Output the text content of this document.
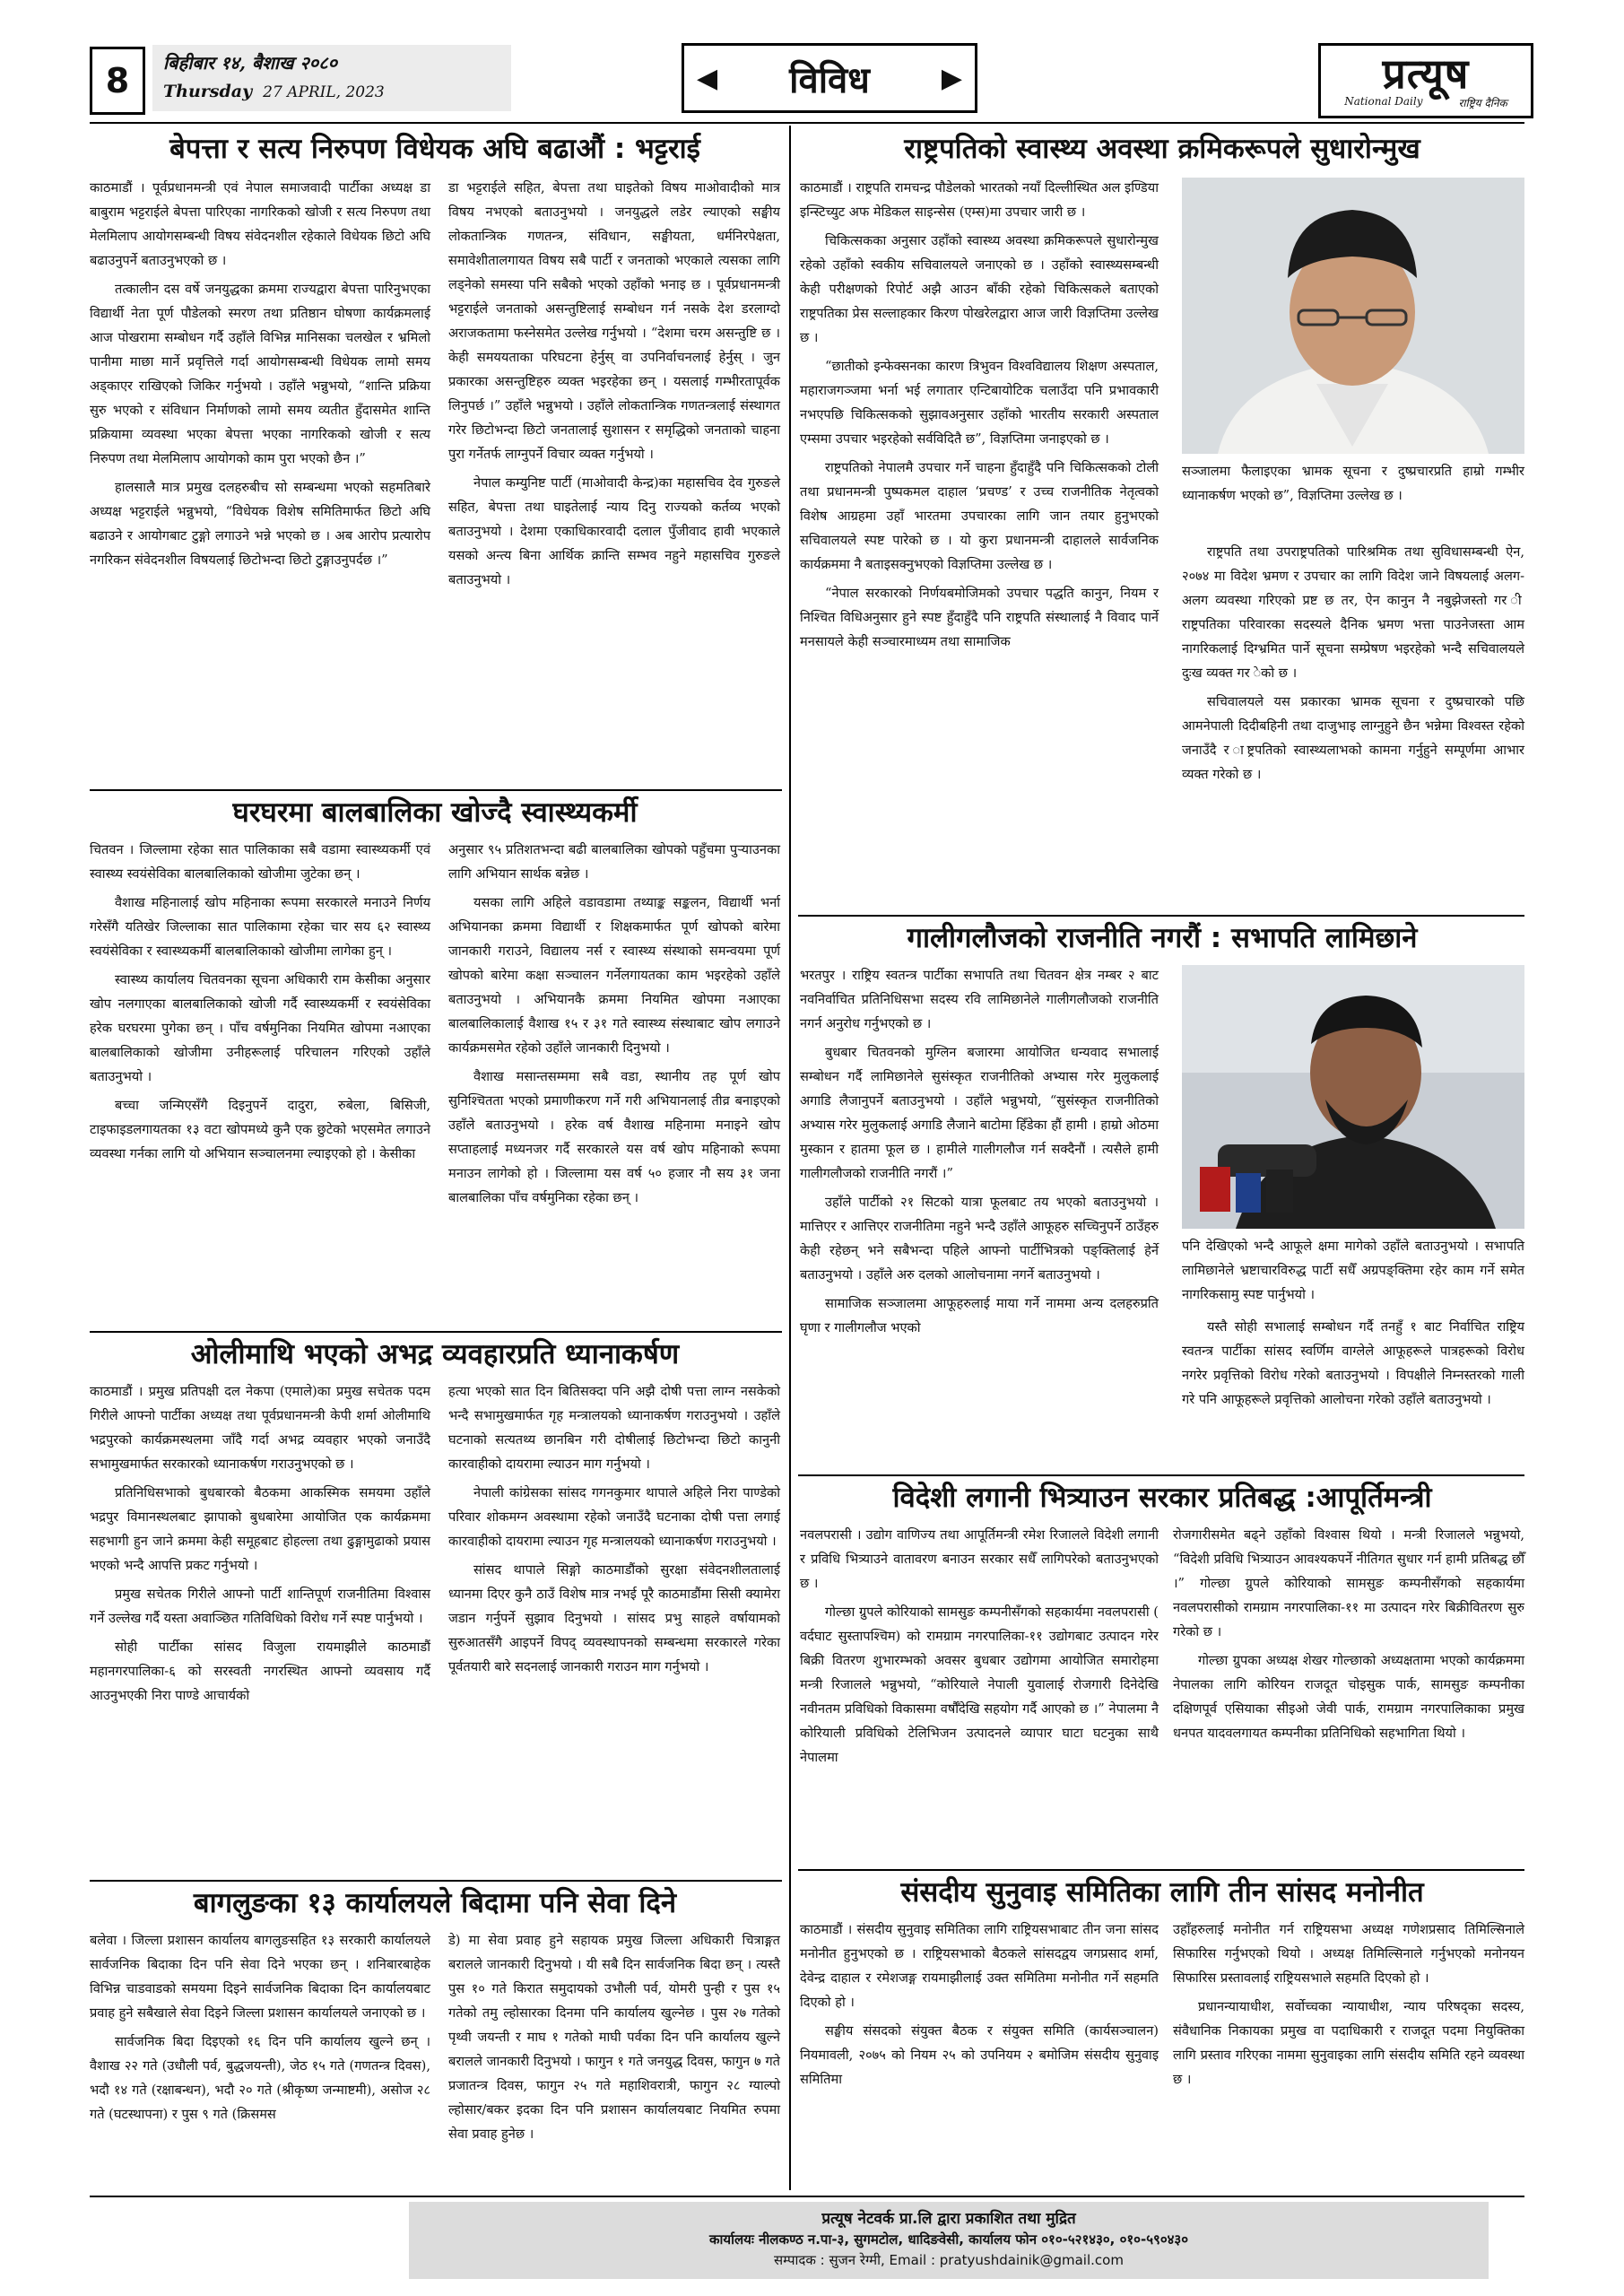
8	बिहीबार १४, बैशाख २०८०
Thursday 27 APRIL, 2023	◀ विविध	▶	प्रत्यूष
National Daily	राष्ट्रिय दैनिक
बेपत्ता र सत्य निरुपण विधेयक अघि बढाऔं : भट्टराई

काठमाडौं । पूर्वप्रधानमन्त्री एवं नेपाल समाजवादी पार्टीका अध्यक्ष डा बाबुराम भट्टराईले बेपत्ता पारिएका नागरिकको खोजी र सत्य निरुपण तथा मेलमिलाप आयोगसम्बन्धी विषय संवेदनशील रहेकाले विधेयक छिटो अघि बढाउनुपर्ने बताउनुभएको छ ।

तत्कालीन दस वर्षे जनयुद्धका क्रममा राज्यद्वारा बेपत्ता पारिनुभएका विद्यार्थी नेता पूर्ण पौडेलको स्मरण तथा प्रतिष्ठान घोषणा कार्यक्रमलाई आज पोखरामा सम्बोधन गर्दै उहाँले विभिन्न मानिसका चलखेल र भ्रमिलो पानीमा माछा मार्ने प्रवृत्तिले गर्दा आयोगसम्बन्धी विधेयक लामो समय अड्काएर राखिएको जिकिर गर्नुभयो । उहाँले भन्नुभयो, “शान्ति प्रक्रिया सुरु भएको र संविधान निर्माणको लामो समय व्यतीत हुँदासमेत शान्ति प्रक्रियामा व्यवस्था भएका बेपत्ता भएका नागरिकको खोजी र सत्य निरुपण तथा मेलमिलाप आयोगको काम पुरा भएको छैन ।”

हालसालै मात्र प्रमुख दलहरुबीच सो सम्बन्धमा भएको सहमतिबारे अध्यक्ष भट्टराईले भन्नुभयो, “विधेयक विशेष समितिमार्फत छिटो अघि बढाउने र आयोगबाट टुङ्गो लगाउने भन्ने भएको छ । अब आरोप प्रत्यारोप नगरिकन संवेदनशील विषयलाई छिटोभन्दा छिटो टुङ्गाउनुपर्दछ ।”

डा भट्टराईले सहित, बेपत्ता तथा घाइतेको विषय माओवादीको मात्र विषय नभएको बताउनुभयो । जनयुद्धले लडेर ल्याएको सङ्घीय लोकतान्त्रिक गणतन्त्र, संविधान, सङ्घीयता, धर्मनिरपेक्षता, समावेशीतालगायत विषय सबै पार्टी र जनताको भएकाले त्यसका लागि लड्नेको समस्या पनि सबैको भएको उहाँको भनाइ छ । पूर्वप्रधानमन्त्री भट्टराईले जनताको असन्तुष्टिलाई सम्बोधन गर्न नसके देश डरलाग्दो अराजकतामा फस्नेसमेत उल्लेख गर्नुभयो । “देशमा चरम असन्तुष्टि छ । केही समययताका परिघटना हेर्नुस् वा उपनिर्वाचनलाई हेर्नुस् । जुन प्रकारका असन्तुष्टिहरु व्यक्त भइरहेका छन् । यसलाई गम्भीरतापूर्वक लिनुपर्छ ।” उहाँले भन्नुभयो । उहाँले लोकतान्त्रिक गणतन्त्रलाई संस्थागत गरेर छिटोभन्दा छिटो जनतालाई सुशासन र समृद्धिको जनताको चाहना पुरा गर्नेतर्फ लाग्नुपर्ने विचार व्यक्त गर्नुभयो ।

नेपाल कम्युनिष्ट पार्टी (माओवादी केन्द्र)का महासचिव देव गुरुङले सहित, बेपत्ता तथा घाइतेलाई न्याय दिनु राज्यको कर्तव्य भएको बताउनुभयो । देशमा एकाधिकारवादी दलाल पुँजीवाद हावी भएकाले यसको अन्त्य बिना आर्थिक क्रान्ति सम्भव नहुने महासचिव गुरुङले बताउनुभयो ।

घरघरमा बालबालिका खोज्दै स्वास्थ्यकर्मी

चितवन । जिल्लामा रहेका सात पालिकाका सबै वडामा स्वास्थ्यकर्मी एवं स्वास्थ्य स्वयंसेविका बालबालिकाको खोजीमा जुटेका छन् ।

वैशाख महिनालाई खोप महिनाका रूपमा सरकारले मनाउने निर्णय गरेसँगै यतिखेर जिल्लाका सात पालिकामा रहेका चार सय ६२ स्वास्थ्य स्वयंसेविका र स्वास्थ्यकर्मी बालबालिकाको खोजीमा लागेका हुन् ।

स्वास्थ्य कार्यालय चितवनका सूचना अधिकारी राम केसीका अनुसार खोप नलगाएका बालबालिकाको खोजी गर्दै स्वास्थ्यकर्मी र स्वयंसेविका हरेक घरघरमा पुगेका छन् । पाँच वर्षमुनिका नियमित खोपमा नआएका बालबालिकाको खोजीमा उनीहरूलाई परिचालन गरिएको उहाँले बताउनुभयो ।

बच्चा जन्मिएसँगै दिइनुपर्ने दादुरा, रुबेला, बिसिजी, टाइफाइडलगायतका १३ वटा खोपमध्ये कुनै एक छुटेको भएसमेत लगाउने व्यवस्था गर्नका लागि यो अभियान सञ्चालनमा ल्याइएको हो । केसीका

अनुसार ९५ प्रतिशतभन्दा बढी बालबालिका खोपको पहुँचमा पुऱ्याउनका लागि अभियान सार्थक बन्नेछ ।

यसका लागि अहिले वडावडामा तथ्याङ्क सङ्कलन, विद्यार्थी भर्ना अभियानका क्रममा विद्यार्थी र शिक्षकमार्फत पूर्ण खोपको बारेमा जानकारी गराउने, विद्यालय नर्स र स्वास्थ्य संस्थाको समन्वयमा पूर्ण खोपको बारेमा कक्षा सञ्चालन गर्नेलगायतका काम भइरहेको उहाँले बताउनुभयो । अभियानकै क्रममा नियमित खोपमा नआएका बालबालिकालाई वैशाख १५ र ३१ गते स्वास्थ्य संस्थाबाट खोप लगाउने कार्यक्रमसमेत रहेको उहाँले जानकारी दिनुभयो ।

वैशाख मसान्तसम्ममा सबै वडा, स्थानीय तह पूर्ण खोप सुनिश्चितता भएको प्रमाणीकरण गर्ने गरी अभियानलाई तीव्र बनाइएको उहाँले बताउनुभयो । हरेक वर्ष वैशाख महिनामा मनाइने खोप सप्ताहलाई मध्यनजर गर्दै सरकारले यस वर्ष खोप महिनाको रूपमा मनाउन लागेको हो । जिल्लामा यस वर्ष ५० हजार नौ सय ३१ जना बालबालिका पाँच वर्षमुनिका रहेका छन् ।

ओलीमाथि भएको अभद्र व्यवहारप्रति ध्यानाकर्षण

काठमाडौं । प्रमुख प्रतिपक्षी दल नेकपा (एमाले)का प्रमुख सचेतक पदम गिरीले आफ्नो पार्टीका अध्यक्ष तथा पूर्वप्रधानमन्त्री केपी शर्मा ओलीमाथि भद्रपुरको कार्यक्रमस्थलमा जाँदै गर्दा अभद्र व्यवहार भएको जनाउँदै सभामुखमार्फत सरकारको ध्यानाकर्षण गराउनुभएको छ ।

प्रतिनिधिसभाको बुधबारको बैठकमा आकस्मिक समयमा उहाँले भद्रपुर विमानस्थलबाट झापाको बुधबारेमा आयोजित एक कार्यक्रममा सहभागी हुन जाने क्रममा केही समूहबाट होहल्ला तथा ढुङ्गामुढाको प्रयास भएको भन्दै आपत्ति प्रकट गर्नुभयो ।

प्रमुख सचेतक गिरीले आफ्नो पार्टी शान्तिपूर्ण राजनीतिमा विश्वास गर्ने उल्लेख गर्दै यस्ता अवाञ्छित गतिविधिको विरोध गर्ने स्पष्ट पार्नुभयो ।

सोही पार्टीका सांसद विजुला रायमाझीले काठमाडौं महानगरपालिका-६ को सरस्वती नगरस्थित आफ्नो व्यवसाय गर्दै आउनुभएकी निरा पाण्डे आचार्यको

हत्या भएको सात दिन बितिसक्दा पनि अझै दोषी पत्ता लाग्न नसकेको भन्दै सभामुखमार्फत गृह मन्त्रालयको ध्यानाकर्षण गराउनुभयो । उहाँले घटनाको सत्यतथ्य छानबिन गरी दोषीलाई छिटोभन्दा छिटो कानुनी कारवाहीको दायरामा ल्याउन माग गर्नुभयो ।

नेपाली कांग्रेसका सांसद गगनकुमार थापाले अहिले निरा पाण्डेको परिवार शोकमग्न अवस्थामा रहेको जनाउँदै घटनाका दोषी पत्ता लगाई कारवाहीको दायरामा ल्याउन गृह मन्त्रालयको ध्यानाकर्षण गराउनुभयो ।

सांसद थापाले सिङ्गो काठमाडौंको सुरक्षा संवेदनशीलतालाई ध्यानमा दिएर कुनै ठाउँ विशेष मात्र नभई पूरै काठमाडौंमा सिसी क्यामेरा जडान गर्नुपर्ने सुझाव दिनुभयो । सांसद प्रभु साहले वर्षायामको सुरुआतसँगै आइपर्ने विपद् व्यवस्थापनको सम्बन्धमा सरकारले गरेका पूर्वतयारी बारे सदनलाई जानकारी गराउन माग गर्नुभयो ।

बागलुङका १३ कार्यालयले बिदामा पनि सेवा दिने

बलेवा । जिल्ला प्रशासन कार्यालय बागलुङसहित १३ सरकारी कार्यालयले सार्वजनिक बिदाका दिन पनि सेवा दिने भएका छन् । शनिबारबाहेक विभिन्न चाडवाडको समयमा दिइने सार्वजनिक बिदाका दिन कार्यालयबाट प्रवाह हुने सबैखाले सेवा दिइने जिल्ला प्रशासन कार्यालयले जनाएको छ ।

सार्वजनिक बिदा दिइएको १६ दिन पनि कार्यालय खुल्ने छन् । वैशाख २२ गते (उधौली पर्व, बुद्धजयन्ती), जेठ १५ गते (गणतन्त्र दिवस), भदौ १४ गते (रक्षाबन्धन), भदौ २० गते (श्रीकृष्ण जन्माष्टमी), असोज २८ गते (घटस्थापना) र पुस ९ गते (क्रिसमस

डे) मा सेवा प्रवाह हुने सहायक प्रमुख जिल्ला अधिकारी चित्राङ्गत बरालले जानकारी दिनुभयो । यी सबै दिन सार्वजनिक बिदा छन् । त्यस्तै पुस १० गते किरात समुदायको उभौली पर्व, योमरी पुन्ही र पुस १५ गतेको तमु ल्होसारका दिनमा पनि कार्यालय खुल्नेछ । पुस २७ गतेको पृथ्वी जयन्ती र माघ १ गतेको माघी पर्वका दिन पनि कार्यालय खुल्ने बरालले जानकारी दिनुभयो । फागुन १ गते जनयुद्ध दिवस, फागुन ७ गते प्रजातन्त्र दिवस, फागुन २५ गते महाशिवरात्री, फागुन २८ ग्याल्पो ल्होसार/बकर इदका दिन पनि प्रशासन कार्यालयबाट नियमित रुपमा सेवा प्रवाह हुनेछ ।

राष्ट्रपतिको स्वास्थ्य अवस्था क्रमिकरूपले सुधारोन्मुख

काठमाडौं । राष्ट्रपति रामचन्द्र पौडेलको भारतको नयाँ दिल्लीस्थित अल इण्डिया इन्स्टिच्युट अफ मेडिकल साइन्सेस (एम्स)मा उपचार जारी छ ।

चिकित्सकका अनुसार उहाँको स्वास्थ्य अवस्था क्रमिकरूपले सुधारोन्मुख रहेको उहाँको स्वकीय सचिवालयले जनाएको छ । उहाँको स्वास्थ्यसम्बन्धी केही परीक्षणको रिपोर्ट अझै आउन बाँकी रहेको चिकित्सकले बताएको राष्ट्रपतिका प्रेस सल्लाहकार किरण पोखरेलद्वारा आज जारी विज्ञप्तिमा उल्लेख छ ।

“छातीको इन्फेक्सनका कारण त्रिभुवन विश्वविद्यालय शिक्षण अस्पताल, महाराजगञ्जमा भर्ना भई लगातार एन्टिबायोटिक चलाउँदा पनि प्रभावकारी नभएपछि चिकित्सकको सुझावअनुसार उहाँको भारतीय सरकारी अस्पताल एम्समा उपचार भइरहेको सर्वविदितै छ”, विज्ञप्तिमा जनाइएको छ ।

राष्ट्रपतिको नेपालमै उपचार गर्ने चाहना हुँदाहुँदै पनि चिकित्सकको टोली तथा प्रधानमन्त्री पुष्पकमल दाहाल ‘प्रचण्ड’ र उच्च राजनीतिक नेतृत्वको विशेष आग्रहमा उहाँ भारतमा उपचारका लागि जान तयार हुनुभएको सचिवालयले स्पष्ट पारेको छ । यो कुरा प्रधानमन्त्री दाहालले सार्वजनिक कार्यक्रममा नै बताइसक्नुभएको विज्ञप्तिमा उल्लेख छ ।

“नेपाल सरकारको निर्णयबमोजिमको उपचार पद्धति कानुन, नियम र निश्चित विधिअनुसार हुने स्पष्ट हुँदाहुँदै पनि राष्ट्रपति संस्थालाई नै विवाद पार्ने मनसायले केही सञ्चारमाध्यम तथा सामाजिक

सञ्जालमा फैलाइएका भ्रामक सूचना र दुष्प्रचारप्रति हाम्रो गम्भीर ध्यानाकर्षण भएको छ”, विज्ञप्तिमा उल्लेख छ ।

राष्ट्रपति तथा उपराष्ट्रपतिको पारिश्रमिक तथा सुविधासम्बन्धी ऐन, २०७४ मा विदेश भ्रमण र उपचार का लागि विदेश जाने विषयलाई अलग-अलग व्यवस्था गरिएको प्रष्ट छ तर, ऐन कानुन नै नबुझेजस्तो गर ी राष्ट्रपतिका परिवारका सदस्यले दैनिक भ्रमण भत्ता पाउनेजस्ता आम नागरिकलाई दिग्भ्रमित पार्ने सूचना सम्प्रेषण भइरहेको भन्दै सचिवालयले दुःख व्यक्त गर ेको छ ।

सचिवालयले यस प्रकारका भ्रामक सूचना र दुष्प्रचारको पछि आमनेपाली दिदीबहिनी तथा दाजुभाइ लाग्नुहुने छैन भन्नेमा विश्वस्त रहेको जनाउँदै र ाष्ट्रपतिको स्वास्थ्यलाभको कामना गर्नुहुने सम्पूर्णमा आभार व्यक्त गरेको छ ।

गालीगलौजको राजनीति नगरौं : सभापति लामिछाने

भरतपुर । राष्ट्रिय स्वतन्त्र पार्टीका सभापति तथा चितवन क्षेत्र नम्बर २ बाट नवनिर्वाचित प्रतिनिधिसभा सदस्य रवि लामिछानेले गालीगलौजको राजनीति नगर्न अनुरोध गर्नुभएको छ ।

बुधबार चितवनको मुग्लिन बजारमा आयोजित धन्यवाद सभालाई सम्बोधन गर्दै लामिछानेले सुसंस्कृत राजनीतिको अभ्यास गरेर मुलुकलाई अगाडि लैजानुपर्ने बताउनुभयो । उहाँले भन्नुभयो, “सुसंस्कृत राजनीतिको अभ्यास गरेर मुलुकलाई अगाडि लैजाने बाटोमा हिँडेका हौं हामी । हाम्रो ओठमा मुस्कान र हातमा फूल छ । हामीले गालीगलौज गर्न सक्दैनौं । त्यसैले हामी गालीगलौजको राजनीति नगरौं ।”

उहाँले पार्टीको २१ सिटको यात्रा फूलबाट तय भएको बताउनुभयो । मात्तिएर र आत्तिएर राजनीतिमा नहुने भन्दै उहाँले आफूहरु सच्चिनुपर्ने ठाउँहरु केही रहेछन् भने सबैभन्दा पहिले आफ्नो पार्टीभित्रको पङ्क्तिलाई हेर्ने बताउनुभयो । उहाँले अरु दलको आलोचनामा नगर्ने बताउनुभयो ।

सामाजिक सञ्जालमा आफूहरुलाई माया गर्ने नाममा अन्य दलहरुप्रति घृणा र गालीगलौज भएको

पनि देखिएको भन्दै आफूले क्षमा मागेको उहाँले बताउनुभयो । सभापति लामिछानेले भ्रष्टाचारविरुद्ध पार्टी सधैँ अग्रपङ्क्तिमा रहेर काम गर्ने समेत नागरिकसामु स्पष्ट पार्नुभयो ।

यस्तै सोही सभालाई सम्बोधन गर्दै तनहुँ १ बाट निर्वाचित राष्ट्रिय स्वतन्त्र पार्टीका सांसद स्वर्णिम वाग्लेले आफूहरूले पात्रहरूको विरोध नगरेर प्रवृत्तिको विरोध गरेको बताउनुभयो । विपक्षीले निम्नस्तरको गाली गरे पनि आफूहरूले प्रवृत्तिको आलोचना गरेको उहाँले बताउनुभयो ।

विदेशी लगानी भित्र्याउन सरकार प्रतिबद्ध :आपूर्तिमन्त्री

नवलपरासी । उद्योग वाणिज्य तथा आपूर्तिमन्त्री रमेश रिजालले विदेशी लगानी र प्रविधि भित्र्याउने वातावरण बनाउन सरकार सधैँ लागिपरेको बताउनुभएको छ ।

गोल्छा ग्रुपले कोरियाको सामसुङ कम्पनीसँगको सहकार्यमा नवलपरासी ( वर्दघाट सुस्तापश्चिम) को रामग्राम नगरपालिका-११ उद्योगबाट उत्पादन गरेर बिक्री वितरण शुभारम्भको अवसर बुधबार उद्योगमा आयोजित समारोहमा मन्त्री रिजालले भन्नुभयो, “कोरियाले नेपाली युवालाई रोजगारी दिनेदेखि नवीनतम प्रविधिको विकासमा वर्षौँदेखि सहयोग गर्दै आएको छ ।” नेपालमा नै कोरियाली प्रविधिको टेलिभिजन उत्पादनले व्यापार घाटा घटनुका साथै नेपालमा

रोजगारीसमेत बढ्ने उहाँको विश्वास थियो । मन्त्री रिजालले भन्नुभयो, “विदेशी प्रविधि भित्र्याउन आवश्यकपर्ने नीतिगत सुधार गर्न हामी प्रतिबद्ध छौँ ।” गोल्छा ग्रुपले कोरियाको सामसुङ कम्पनीसँगको सहकार्यमा नवलपरासीको रामग्राम नगरपालिका-११ मा उत्पादन गरेर बिक्रीवितरण सुरु गरेको छ ।

गोल्छा ग्रुपका अध्यक्ष शेखर गोल्छाको अध्यक्षतामा भएको कार्यक्रममा नेपालका लागि कोरियन राजदूत चोइसुक पार्क, सामसुङ कम्पनीका दक्षिणपूर्व एसियाका सीइओ जेवी पार्क, रामग्राम नगरपालिकाका प्रमुख धनपत यादवलगायत कम्पनीका प्रतिनिधिको सहभागिता थियो ।

संसदीय सुनुवाइ समितिका लागि तीन सांसद मनोनीत

काठमाडौं । संसदीय सुनुवाइ समितिका लागि राष्ट्रियसभाबाट तीन जना सांसद मनोनीत हुनुभएको छ । राष्ट्रियसभाको बैठकले सांसदद्वय जगप्रसाद शर्मा, देवेन्द्र दाहाल र रमेशजङ्ग रायमाझीलाई उक्त समितिमा मनोनीत गर्ने सहमति दिएको हो ।

सङ्घीय संसदको संयुक्त बैठक र संयुक्त समिति (कार्यसञ्चालन) नियमावली, २०७५ को नियम २५ को उपनियम २ बमोजिम संसदीय सुनुवाइ समितिमा

उहाँहरुलाई मनोनीत गर्न राष्ट्रियसभा अध्यक्ष गणेशप्रसाद तिमिल्सिनाले सिफारिस गर्नुभएको थियो । अध्यक्ष तिमिल्सिनाले गर्नुभएको मनोनयन सिफारिस प्रस्तावलाई राष्ट्रियसभाले सहमति दिएको हो ।

प्रधानन्यायाधीश, सर्वोच्चका न्यायाधीश, न्याय परिषद्का सदस्य, संवैधानिक निकायका प्रमुख वा पदाधिकारी र राजदूत पदमा नियुक्तिका लागि प्रस्ताव गरिएका नाममा सुनुवाइका लागि संसदीय समिति रहने व्यवस्था छ ।

प्रत्यूष नेटवर्क प्रा.लि द्वारा प्रकाशित तथा मुद्रित
कार्यालयः नीलकण्ठ न.पा-३, सुगमटोल, धादिङवेसी, कार्यालय फोन ०१०-५२१४३०, ०१०-५९०४३०
सम्पादक : सुजन रेग्मी, Email : pratyushdainik@gmail.com
